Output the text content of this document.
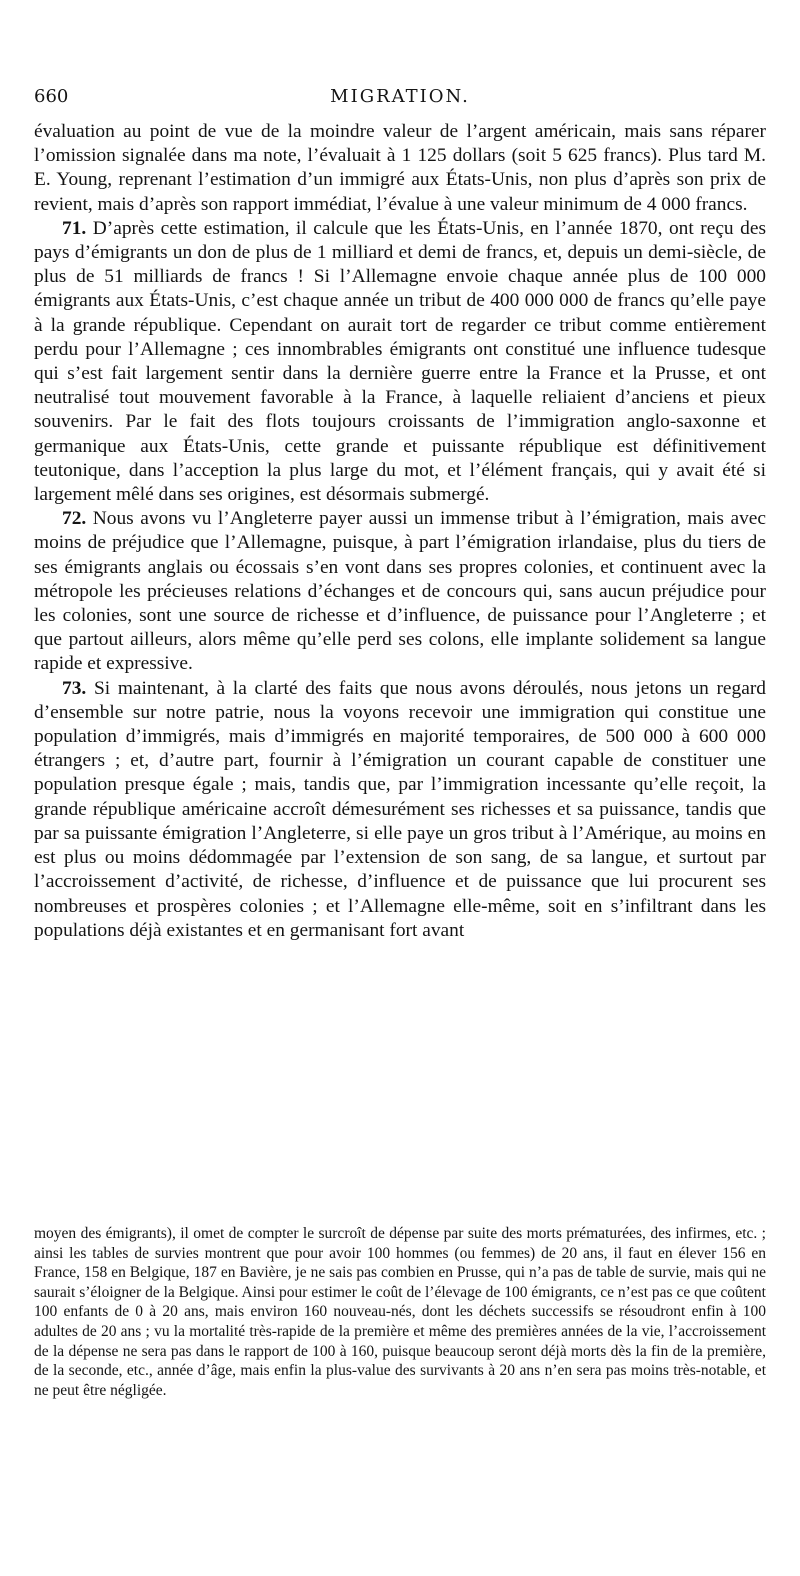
660	MIGRATION.

évaluation au point de vue de la moindre valeur de l’argent américain, mais sans réparer l’omission signalée dans ma note, l’évaluait à 1 125 dollars (soit 5 625 francs). Plus tard M. E. Young, reprenant l’estimation d’un immigré aux États-Unis, non plus d’après son prix de revient, mais d’après son rapport immédiat, l’évalue à une valeur minimum de 4 000 francs.

71. D’après cette estimation, il calcule que les États-Unis, en l’année 1870, ont reçu des pays d’émigrants un don de plus de 1 milliard et demi de francs, et, depuis un demi-siècle, de plus de 51 milliards de francs ! Si l’Allemagne envoie chaque année plus de 100 000 émigrants aux États-Unis, c’est chaque année un tribut de 400 000 000 de francs qu’elle paye à la grande république. Cependant on aurait tort de regarder ce tribut comme entièrement perdu pour l’Allemagne ; ces innombrables émigrants ont constitué une influence tudesque qui s’est fait largement sentir dans la dernière guerre entre la France et la Prusse, et ont neutralisé tout mouvement favorable à la France, à laquelle reliaient d’anciens et pieux souvenirs. Par le fait des flots toujours croissants de l’immigration anglo-saxonne et germanique aux États-Unis, cette grande et puissante république est définitivement teutonique, dans l’acception la plus large du mot, et l’élément français, qui y avait été si largement mêlé dans ses origines, est désormais submergé.

72. Nous avons vu l’Angleterre payer aussi un immense tribut à l’émigration, mais avec moins de préjudice que l’Allemagne, puisque, à part l’émigration irlandaise, plus du tiers de ses émigrants anglais ou écossais s’en vont dans ses propres colonies, et continuent avec la métropole les précieuses relations d’échanges et de concours qui, sans aucun préjudice pour les colonies, sont une source de richesse et d’influence, de puissance pour l’Angleterre ; et que partout ailleurs, alors même qu’elle perd ses colons, elle implante solidement sa langue rapide et expressive.

73. Si maintenant, à la clarté des faits que nous avons déroulés, nous jetons un regard d’ensemble sur notre patrie, nous la voyons recevoir une immigration qui constitue une population d’immigrés, mais d’immigrés en majorité temporaires, de 500 000 à 600 000 étrangers ; et, d’autre part, fournir à l’émigration un courant capable de constituer une population presque égale ; mais, tandis que, par l’immigration incessante qu’elle reçoit, la grande république américaine accroît démesurément ses richesses et sa puissance, tandis que par sa puissante émigration l’Angleterre, si elle paye un gros tribut à l’Amérique, au moins en est plus ou moins dédommagée par l’extension de son sang, de sa langue, et surtout par l’accroissement d’activité, de richesse, d’influence et de puissance que lui procurent ses nombreuses et prospères colonies ; et l’Allemagne elle-même, soit en s’infiltrant dans les populations déjà existantes et en germanisant fort avant

moyen des émigrants), il omet de compter le surcroît de dépense par suite des morts prématurées, des infirmes, etc. ; ainsi les tables de survies montrent que pour avoir 100 hommes (ou femmes) de 20 ans, il faut en élever 156 en France, 158 en Belgique, 187 en Bavière, je ne sais pas combien en Prusse, qui n’a pas de table de survie, mais qui ne saurait s’éloigner de la Belgique. Ainsi pour estimer le coût de l’élevage de 100 émigrants, ce n’est pas ce que coûtent 100 enfants de 0 à 20 ans, mais environ 160 nouveau-nés, dont les déchets successifs se résoudront enfin à 100 adultes de 20 ans ; vu la mortalité très-rapide de la première et même des premières années de la vie, l’accroissement de la dépense ne sera pas dans le rapport de 100 à 160, puisque beaucoup seront déjà morts dès la fin de la première, de la seconde, etc., année d’âge, mais enfin la plus-value des survivants à 20 ans n’en sera pas moins très-notable, et ne peut être négligée.
